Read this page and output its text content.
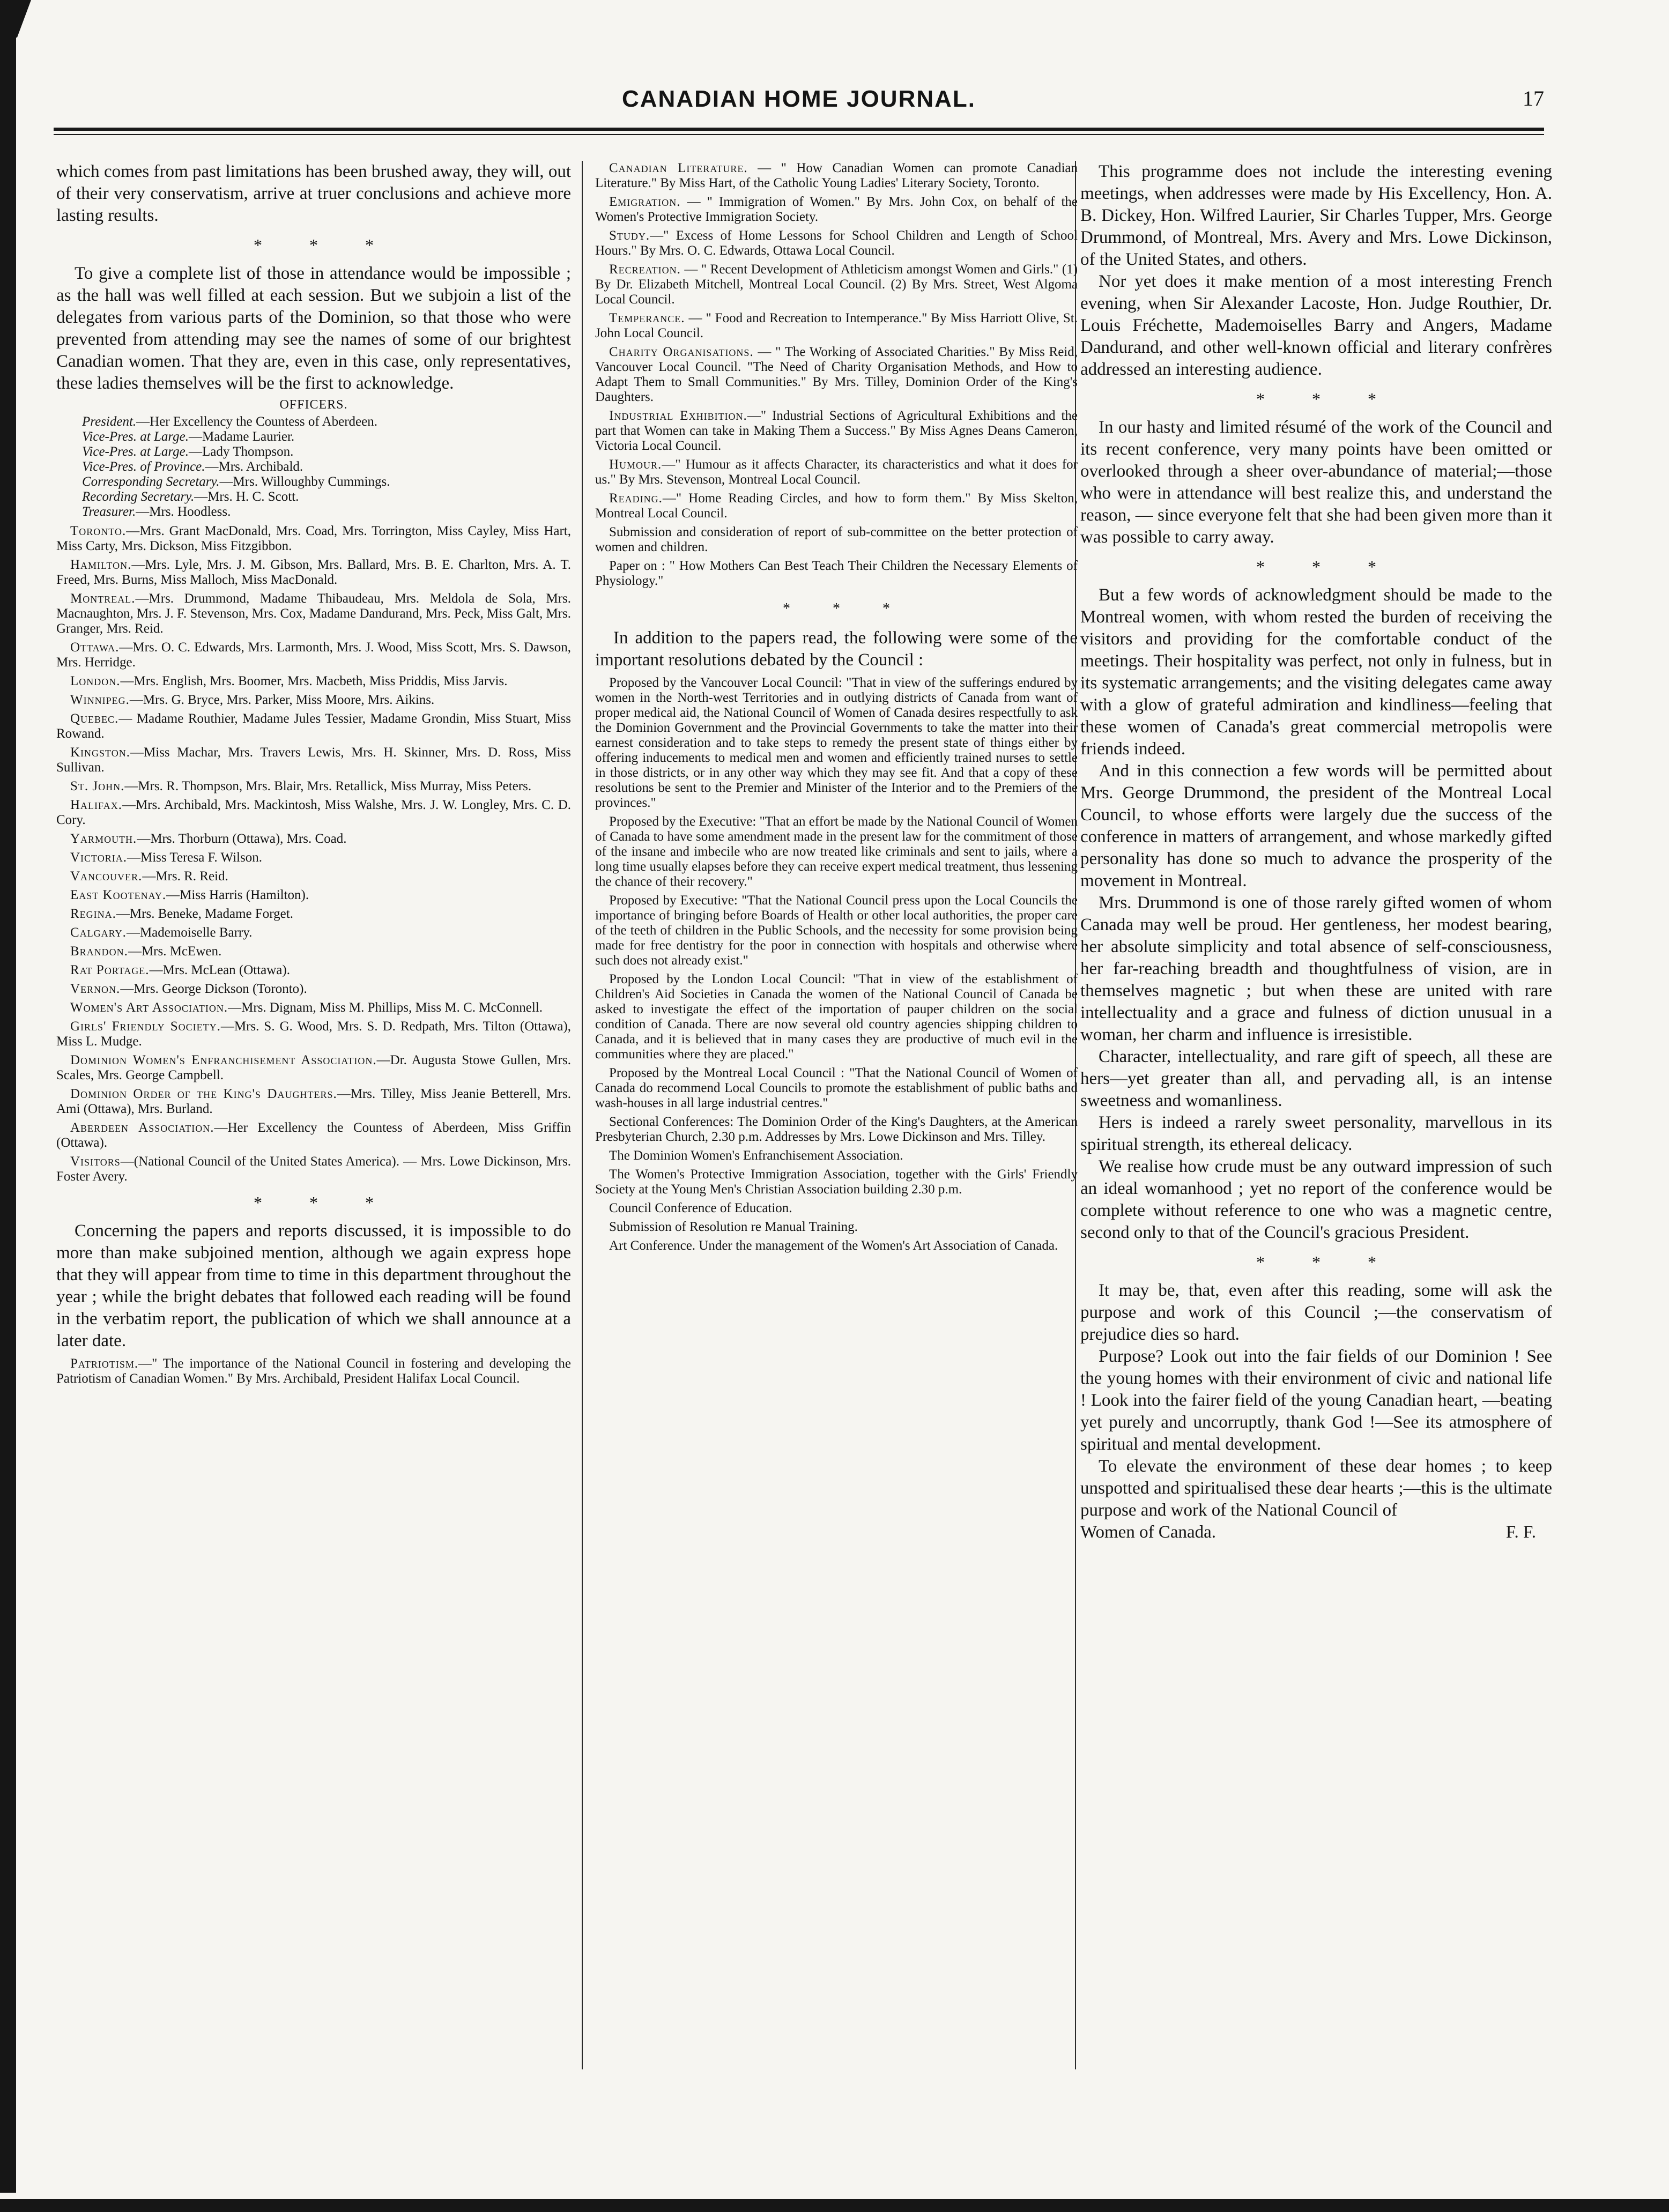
CANADIAN HOME JOURNAL.	17

which comes from past limitations has been brushed away, they will, out of their very conservatism, arrive at truer conclusions and achieve more lasting results.

* * *

To give a complete list of those in attendance would be impossible ; as the hall was well filled at each session. But we subjoin a list of the delegates from various parts of the Dominion, so that those who were prevented from attending may see the names of some of our brightest Canadian women. That they are, even in this case, only representatives, these ladies themselves will be the first to acknowledge.

OFFICERS.

President.—Her Excellency the Countess of Aberdeen.

Vice-Pres. at Large.—Madame Laurier.

Vice-Pres. at Large.—Lady Thompson.

Vice-Pres. of Province.—Mrs. Archibald.

Corresponding Secretary.—Mrs. Willoughby Cummings.

Recording Secretary.—Mrs. H. C. Scott.

Treasurer.—Mrs. Hoodless.

Toronto.—Mrs. Grant MacDonald, Mrs. Coad, Mrs. Torrington, Miss Cayley, Miss Hart, Miss Carty, Mrs. Dickson, Miss Fitzgibbon.

Hamilton.—Mrs. Lyle, Mrs. J. M. Gibson, Mrs. Ballard, Mrs. B. E. Charlton, Mrs. A. T. Freed, Mrs. Burns, Miss Malloch, Miss MacDonald.

Montreal.—Mrs. Drummond, Madame Thibaudeau, Mrs. Meldola de Sola, Mrs. Macnaughton, Mrs. J. F. Stevenson, Mrs. Cox, Madame Dandurand, Mrs. Peck, Miss Galt, Mrs. Granger, Mrs. Reid.

Ottawa.—Mrs. O. C. Edwards, Mrs. Larmonth, Mrs. J. Wood, Miss Scott, Mrs. S. Dawson, Mrs. Herridge.

London.—Mrs. English, Mrs. Boomer, Mrs. Macbeth, Miss Priddis, Miss Jarvis.

Winnipeg.—Mrs. G. Bryce, Mrs. Parker, Miss Moore, Mrs. Aikins.

Quebec.— Madame Routhier, Madame Jules Tessier, Madame Grondin, Miss Stuart, Miss Rowand.

Kingston.—Miss Machar, Mrs. Travers Lewis, Mrs. H. Skinner, Mrs. D. Ross, Miss Sullivan.

St. John.—Mrs. R. Thompson, Mrs. Blair, Mrs. Retallick, Miss Murray, Miss Peters.

Halifax.—Mrs. Archibald, Mrs. Mackintosh, Miss Walshe, Mrs. J. W. Longley, Mrs. C. D. Cory.

Yarmouth.—Mrs. Thorburn (Ottawa), Mrs. Coad.

Victoria.—Miss Teresa F. Wilson.

Vancouver.—Mrs. R. Reid.

East Kootenay.—Miss Harris (Hamilton).

Regina.—Mrs. Beneke, Madame Forget.

Calgary.—Mademoiselle Barry.

Brandon.—Mrs. McEwen.

Rat Portage.—Mrs. McLean (Ottawa).

Vernon.—Mrs. George Dickson (Toronto).

Women's Art Association.—Mrs. Dignam, Miss M. Phillips, Miss M. C. McConnell.

Girls' Friendly Society.—Mrs. S. G. Wood, Mrs. S. D. Redpath, Mrs. Tilton (Ottawa), Miss L. Mudge.

Dominion Women's Enfranchisement Association.—Dr. Augusta Stowe Gullen, Mrs. Scales, Mrs. George Campbell.

Dominion Order of the King's Daughters.—Mrs. Tilley, Miss Jeanie Betterell, Mrs. Ami (Ottawa), Mrs. Burland.

Aberdeen Association.—Her Excellency the Countess of Aberdeen, Miss Griffin (Ottawa).

Visitors—(National Council of the United States America). — Mrs. Lowe Dickinson, Mrs. Foster Avery.

* * *

Concerning the papers and reports discussed, it is impossible to do more than make subjoined mention, although we again express hope that they will appear from time to time in this department throughout the year ; while the bright debates that followed each reading will be found in the verbatim report, the publication of which we shall announce at a later date.

Patriotism.—" The importance of the National Council in fostering and developing the Patriotism of Canadian Women." By Mrs. Archibald, President Halifax Local Council.

Canadian Literature. — " How Canadian Women can promote Canadian Literature." By Miss Hart, of the Catholic Young Ladies' Literary Society, Toronto.

Emigration. — " Immigration of Women." By Mrs. John Cox, on behalf of the Women's Protective Immigration Society.

Study.—" Excess of Home Lessons for School Children and Length of School Hours." By Mrs. O. C. Edwards, Ottawa Local Council.

Recreation. — " Recent Development of Athleticism amongst Women and Girls." (1) By Dr. Elizabeth Mitchell, Montreal Local Council. (2) By Mrs. Street, West Algoma Local Council.

Temperance. — " Food and Recreation to Intemperance." By Miss Harriott Olive, St. John Local Council.

Charity Organisations. — " The Working of Associated Charities." By Miss Reid, Vancouver Local Council. "The Need of Charity Organisation Methods, and How to Adapt Them to Small Communities." By Mrs. Tilley, Dominion Order of the King's Daughters.

Industrial Exhibition.—" Industrial Sections of Agricultural Exhibitions and the part that Women can take in Making Them a Success." By Miss Agnes Deans Cameron, Victoria Local Council.

Humour.—" Humour as it affects Character, its characteristics and what it does for us." By Mrs. Stevenson, Montreal Local Council.

Reading.—" Home Reading Circles, and how to form them." By Miss Skelton, Montreal Local Council.

Submission and consideration of report of sub-committee on the better protection of women and children.

Paper on : " How Mothers Can Best Teach Their Children the Necessary Elements of Physiology."

* * *

In addition to the papers read, the following were some of the important resolutions debated by the Council :

Proposed by the Vancouver Local Council: "That in view of the sufferings endured by women in the North-west Territories and in outlying districts of Canada from want of proper medical aid, the National Council of Women of Canada desires respectfully to ask the Dominion Government and the Provincial Governments to take the matter into their earnest consideration and to take steps to remedy the present state of things either by offering inducements to medical men and women and efficiently trained nurses to settle in those districts, or in any other way which they may see fit. And that a copy of these resolutions be sent to the Premier and Minister of the Interior and to the Premiers of the provinces."

Proposed by the Executive: "That an effort be made by the National Council of Women of Canada to have some amendment made in the present law for the commitment of those of the insane and imbecile who are now treated like criminals and sent to jails, where a long time usually elapses before they can receive expert medical treatment, thus lessening the chance of their recovery."

Proposed by Executive: "That the National Council press upon the Local Councils the importance of bringing before Boards of Health or other local authorities, the proper care of the teeth of children in the Public Schools, and the necessity for some provision being made for free dentistry for the poor in connection with hospitals and otherwise where such does not already exist."

Proposed by the London Local Council: "That in view of the establishment of Children's Aid Societies in Canada the women of the National Council of Canada be asked to investigate the effect of the importation of pauper children on the social condition of Canada. There are now several old country agencies shipping children to Canada, and it is believed that in many cases they are productive of much evil in the communities where they are placed."

Proposed by the Montreal Local Council : "That the National Council of Women of Canada do recommend Local Councils to promote the establishment of public baths and wash-houses in all large industrial centres."

Sectional Conferences: The Dominion Order of the King's Daughters, at the American Presbyterian Church, 2.30 p.m. Addresses by Mrs. Lowe Dickinson and Mrs. Tilley.

The Dominion Women's Enfranchisement Association.

The Women's Protective Immigration Association, together with the Girls' Friendly Society at the Young Men's Christian Association building 2.30 p.m.

Council Conference of Education.

Submission of Resolution re Manual Training.

Art Conference. Under the management of the Women's Art Association of Canada.

This programme does not include the interesting evening meetings, when addresses were made by His Excellency, Hon. A. B. Dickey, Hon. Wilfred Laurier, Sir Charles Tupper, Mrs. George Drummond, of Montreal, Mrs. Avery and Mrs. Lowe Dickinson, of the United States, and others.

Nor yet does it make mention of a most interesting French evening, when Sir Alexander Lacoste, Hon. Judge Routhier, Dr. Louis Fréchette, Mademoiselles Barry and Angers, Madame Dandurand, and other well-known official and literary confrères addressed an interesting audience.

* * *

In our hasty and limited résumé of the work of the Council and its recent conference, very many points have been omitted or overlooked through a sheer over-abundance of material;—those who were in attendance will best realize this, and understand the reason, — since everyone felt that she had been given more than it was possible to carry away.

* * *

But a few words of acknowledgment should be made to the Montreal women, with whom rested the burden of receiving the visitors and providing for the comfortable conduct of the meetings. Their hospitality was perfect, not only in fulness, but in its systematic arrangements; and the visiting delegates came away with a glow of grateful admiration and kindliness—feeling that these women of Canada's great commercial metropolis were friends indeed.

And in this connection a few words will be permitted about Mrs. George Drummond, the president of the Montreal Local Council, to whose efforts were largely due the success of the conference in matters of arrangement, and whose markedly gifted personality has done so much to advance the prosperity of the movement in Montreal.

Mrs. Drummond is one of those rarely gifted women of whom Canada may well be proud. Her gentleness, her modest bearing, her absolute simplicity and total absence of self-consciousness, her far-reaching breadth and thoughtfulness of vision, are in themselves magnetic ; but when these are united with rare intellectuality and a grace and fulness of diction unusual in a woman, her charm and influence is irresistible.

Character, intellectuality, and rare gift of speech, all these are hers—yet greater than all, and pervading all, is an intense sweetness and womanliness.

Hers is indeed a rarely sweet personality, marvellous in its spiritual strength, its ethereal delicacy.

We realise how crude must be any outward impression of such an ideal womanhood ; yet no report of the conference would be complete without reference to one who was a magnetic centre, second only to that of the Council's gracious President.

* * *

It may be, that, even after this reading, some will ask the purpose and work of this Council ;—the conservatism of prejudice dies so hard.

Purpose? Look out into the fair fields of our Dominion ! See the young homes with their environment of civic and national life ! Look into the fairer field of the young Canadian heart, —beating yet purely and uncorruptly, thank God !—See its atmosphere of spiritual and mental development.

To elevate the environment of these dear homes ; to keep unspotted and spiritualised these dear hearts ;—this is the ultimate purpose and work of the National Council of

Women of Canada.	F. F.
